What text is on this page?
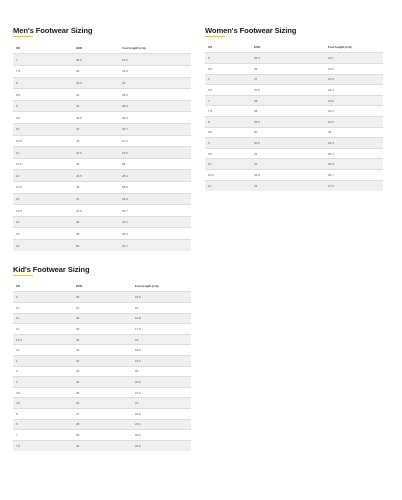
Men's Footwear Sizing
US	EUR	Foot length (cm)
7	39.5	24.5
7.5	40	24.9
8	40.5	25
8.5	41	25.5
9	42	25.9
9.5	42.5	26.3
10	43	26.7
10.5	44	27.2
11	44.5	27.6
11.5	45	28
12	45.5	28.4
12.5	46	28.9
13	47	29.3
13.5	47.5	29.7
14	48	30.1
15	49	30.9
16	50	31.7
Women's Footwear Sizing
US	EUR	Foot length (cm)
5	35.5	22.1
5.5	36	22.5
6	37	22.9
6.5	37.5	23.3
7	38	23.8
7.5	38	24.2
8	39.5	24.6
8.5	40	25
9	40.5	25.4
9.5	41	25.9
10	42	26.3
10.5	42.5	26.7
11	43	27.2
Kid's Footwear Sizing
US	EUR	Foot length (cm)
9	26	15.5
10	27	16
11	28	16.8
12	30	17.5
12.5	30	18
13	31	18.6
1	32	19.2
2	33	20
3	34	20.6
3.5	35	21.3
4.5	36	22
5	37	22.9
6	38	23.3
7	39	24.2
7.5	40	24.6
